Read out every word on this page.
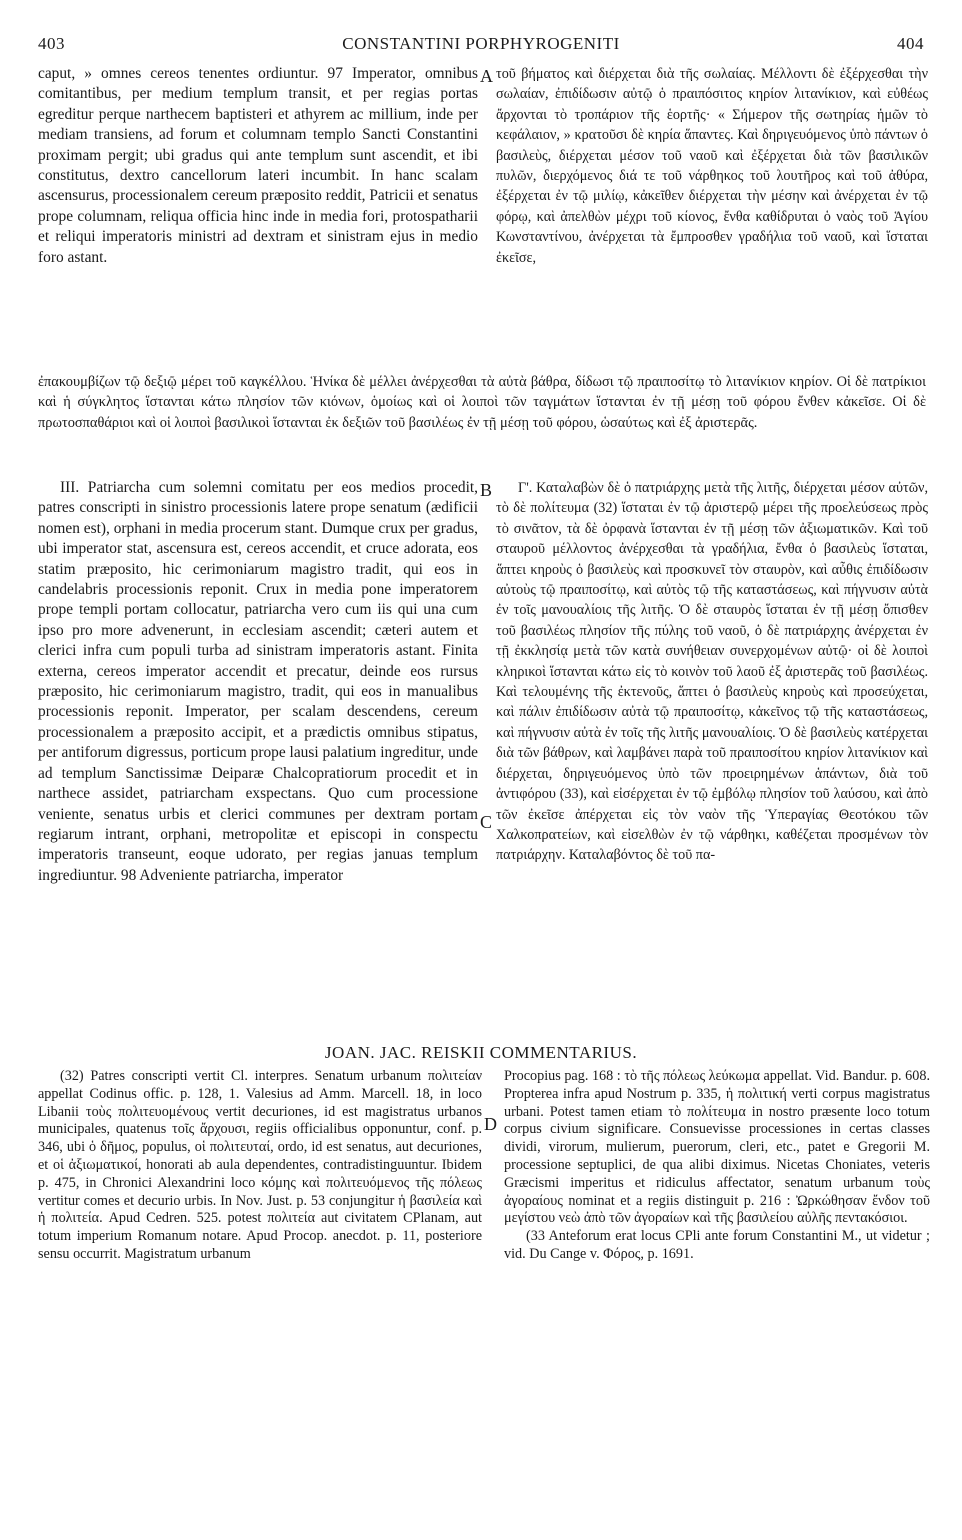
403	CONSTANTINI PORPHYROGENITI	404

caput, » omnes cereos tenentes ordiuntur. 97 Imperator, omnibus comitantibus, per medium templum transit, et per regias portas egreditur perque narthecem baptisteri et athyrem ac millium, inde per mediam transiens, ad forum et columnam templo Sancti Constantini proximam pergit; ubi gradus qui ante templum sunt ascendit, et ibi constitutus, dextro cancellorum lateri incumbit. In hanc scalam ascensurus, processionalem cereum præposito reddit, Patricii et senatus prope columnam, reliqua officia hinc inde in media fori, protospatharii et reliqui imperatoris ministri ad dextram et sinistram ejus in medio foro astant.

A τοῦ βήματος καὶ διέρχεται διὰ τῆς σωλαίας. Μέλλοντι δὲ ἐξέρχεσθαι τὴν σωλαίαν, ἐπιδίδωσιν αὐτῷ ὁ πραιπόσιτος κηρίον λιτανίκιον, καὶ εὐθέως ἄρχονται τὸ τροπάριον τῆς ἑορτῆς· « Σήμερον τῆς σωτηρίας ἡμῶν τὸ κεφάλαιον, » κρατοῦσι δὲ κηρία ἅπαντες. Καὶ δηριγευόμενος ὑπὸ πάντων ὁ βασιλεὺς, διέρχεται μέσον τοῦ ναοῦ καὶ ἐξέρχεται διὰ τῶν βασιλικῶν πυλῶν, διερχόμενος διά τε τοῦ νάρθηκος τοῦ λουτῆρος καὶ τοῦ ἀθύρα, ἐξέρχεται ἐν τῷ μιλίῳ, κἀκεῖθεν διέρχεται τὴν μέσην καὶ ἀνέρχεται ἐν τῷ φόρῳ, καὶ ἀπελθὼν μέχρι τοῦ κίονος, ἔνθα καθίδρυται ὁ ναὸς τοῦ Ἁγίου Κωνσταντίνου, ἀνέρχεται τὰ ἔμπροσθεν γραδήλια τοῦ ναοῦ, καὶ ἵσταται ἐκεῖσε,

ἐπακουμβίζων τῷ δεξιῷ μέρει τοῦ καγκέλλου. Ἡνίκα δὲ μέλλει ἀνέρχεσθαι τὰ αὐτὰ βάθρα, δίδωσι τῷ πραιποσίτῳ τὸ λιτανίκιον κηρίον. Οἱ δὲ πατρίκιοι καὶ ἡ σύγκλητος ἵστανται κάτω πλησίον τῶν κιόνων, ὁμοίως καὶ οἱ λοιποὶ τῶν ταγμάτων ἵστανται ἐν τῇ μέσῃ τοῦ φόρου ἔνθεν κἀκεῖσε. Οἱ δὲ πρωτοσπαθάριοι καὶ οἱ λοιποὶ βασιλικοὶ ἵστανται ἐκ δεξιῶν τοῦ βασιλέως ἐν τῇ μέσῃ τοῦ φόρου, ὡσαύτως καὶ ἐξ ἀριστερᾶς.

III. Patriarcha cum solemni comitatu per eos medios procedit, patres conscripti in sinistro processionis latere prope senatum (ædificii nomen est), orphani in media procerum stant. Dumque crux per gradus, ubi imperator stat, ascensura est, cereos accendit, et cruce adorata, eos statim præposito, hic cerimoniarum magistro tradit, qui eos in candelabris processionis reponit. Crux in media pone imperatorem prope templi portam collocatur, patriarcha vero cum iis qui una cum ipso pro more advenerunt, in ecclesiam ascendit; cæteri autem et clerici infra cum populi turba ad sinistram imperatoris astant. Finita externa, cereos imperator accendit et precatur, deinde eos rursus præposito, hic cerimoniarum magistro, tradit, qui eos in manualibus processionis reponit. Imperator, per scalam descendens, cereum processionalem a præposito accipit, et a prædictis omnibus stipatus, per antiforum digressus, porticum prope lausi palatium ingreditur, unde ad templum Sanctissimæ Deiparæ Chalcopratiorum procedit et in narthece assidet, patriarcham exspectans. Quo cum processione veniente, senatus urbis et clerici communes per dextram portam regiarum intrant, orphani, metropolitæ et episcopi in conspectu imperatoris transeunt, eoque udorato, per regias januas templum ingrediuntur. 98 Adveniente patriarcha, imperator

B
C

Γ'. Καταλαβὼν δὲ ὁ πατριάρχης μετὰ τῆς λιτῆς, διέρχεται μέσον αὐτῶν, τὸ δὲ πολίτευμα (32) ἵσταται ἐν τῷ ἀριστερῷ μέρει τῆς προελεύσεως πρὸς τὸ σινᾶτον, τὰ δὲ ὀρφανὰ ἵστανται ἐν τῇ μέσῃ τῶν ἀξιωματικῶν. Καὶ τοῦ σταυροῦ μέλλοντος ἀνέρχεσθαι τὰ γραδήλια, ἔνθα ὁ βασιλεὺς ἵσταται, ἅπτει κηροὺς ὁ βασιλεὺς καὶ προσκυνεῖ τὸν σταυρὸν, καὶ αὖθις ἐπιδίδωσιν αὐτοὺς τῷ πραιποσίτῳ, καὶ αὐτὸς τῷ τῆς καταστάσεως, καὶ πήγνυσιν αὐτὰ ἐν τοῖς μανουαλίοις τῆς λιτῆς. Ὁ δὲ σταυρὸς ἵσταται ἐν τῇ μέσῃ ὄπισθεν τοῦ βασιλέως πλησίον τῆς πύλης τοῦ ναοῦ, ὁ δὲ πατριάρχης ἀνέρχεται ἐν τῇ ἐκκλησίᾳ μετὰ τῶν κατὰ συνήθειαν συνερχομένων αὐτῷ· οἱ δὲ λοιποὶ κληρικοὶ ἵστανται κάτω εἰς τὸ κοινὸν τοῦ λαοῦ ἐξ ἀριστερᾶς τοῦ βασιλέως. Καὶ τελουμένης τῆς ἐκτενοῦς, ἅπτει ὁ βασιλεὺς κηροὺς καὶ προσεύχεται, καὶ πάλιν ἐπιδίδωσιν αὐτὰ τῷ πραιποσίτῳ, κἀκεῖνος τῷ τῆς καταστάσεως, καὶ πήγνυσιν αὐτὰ ἐν τοῖς τῆς λιτῆς μανουαλίοις. Ὁ δὲ βασιλεὺς κατέρχεται διὰ τῶν βάθρων, καὶ λαμβάνει παρὰ τοῦ πραιποσίτου κηρίον λιτανίκιον καὶ διέρχεται, δηριγευόμενος ὑπὸ τῶν προειρημένων ἁπάντων, διὰ τοῦ ἀντιφόρου (33), καὶ εἰσέρχεται ἐν τῷ ἐμβόλῳ πλησίον τοῦ λαύσου, καὶ ἀπὸ τῶν ἐκεῖσε ἀπέρχεται εἰς τὸν ναὸν τῆς Ὑπεραγίας Θεοτόκου τῶν Χαλκοπρατείων, καὶ εἰσελθὼν ἐν τῷ νάρθηκι, καθέζεται προσμένων τὸν πατριάρχην. Καταλαβόντος δὲ τοῦ πα-

JOAN. JAC. REISKII COMMENTARIUS.

(32) Patres conscripti vertit Cl. interpres. Senatum urbanum πολιτείαν appellat Codinus offic. p. 128, 1. Valesius ad Amm. Marcell. 18, in loco Libanii τοὺς πολιτευομένους vertit decuriones, id est magistratus urbanos municipales, quatenus τοῖς ἄρχουσι, regiis officialibus opponuntur, conf. p. 346, ubi ὁ δῆμος, populus, οἱ πολιτευταί, ordo, id est senatus, aut decuriones, et οἱ ἀξιωματικοί, honorati ab aula dependentes, contradistinguuntur. Ibidem p. 475, in Chronici Alexandrini loco κόμης καὶ πολιτευόμενος τῆς πόλεως vertitur comes et decurio urbis. In Nov. Just. p. 53 conjungitur ἡ βασιλεία καὶ ἡ πολιτεία. Apud Cedren. 525. potest πολιτεία aut civitatem CPlanam, aut totum imperium Romanum notare. Apud Procop. anecdot. p. 11, posteriore sensu occurrit. Magistratum urbanum

D

Procopius pag. 168 : τὸ τῆς πόλεως λεύκωμα appellat. Vid. Bandur. p. 608. Propterea infra apud Nostrum p. 335, ἡ πολιτική verti corpus magistratus urbani. Potest tamen etiam τὸ πολίτευμα in nostro præsente loco totum corpus civium significare. Consuevisse processiones in certas classes dividi, virorum, mulierum, puerorum, cleri, etc., patet e Gregorii M. processione septuplici, de qua alibi diximus. Nicetas Choniates, veteris Græcismi imperitus et ridiculus affectator, senatum urbanum τοὺς ἀγοραίους nominat et a regiis distinguit p. 216 : Ὠρκώθησαν ἔνδον τοῦ μεγίστου νεὼ ἀπὸ τῶν ἀγοραίων καὶ τῆς βασιλείου αὐλῆς πεντακόσιοι.

(33 Anteforum erat locus CPli ante forum Constantini M., ut videtur ; vid. Du Cange v. Φόρος, p. 1691.
